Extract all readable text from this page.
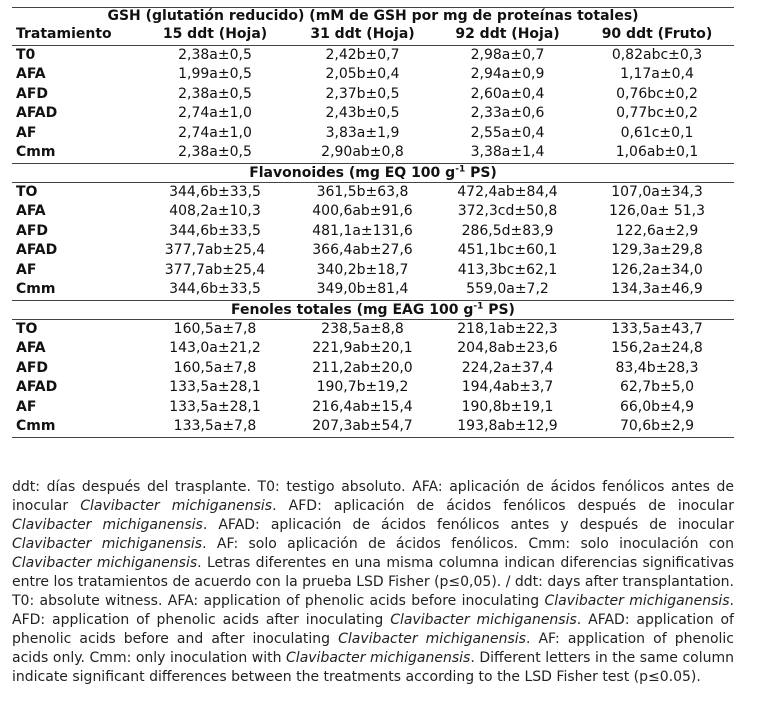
GSH (glutatión reducido) (mM de GSH por mg de proteínas totales)				
Tratamiento	15 ddt (Hoja)	31 ddt (Hoja)	92 ddt (Hoja)	90 ddt (Fruto)
T0	2,38a±0,5	2,42b±0,7	2,98a±0,7	0,82abc±0,3
AFA	1,99a±0,5	2,05b±0,4	2,94a±0,9	1,17a±0,4
AFD	2,38a±0,5	2,37b±0,5	2,60a±0,4	0,76bc±0,2
AFAD	2,74a±1,0	2,43b±0,5	2,33a±0,6	0,77bc±0,2
AF	2,74a±1,0	3,83a±1,9	2,55a±0,4	0,61c±0,1
Cmm	2,38a±0,5	2,90ab±0,8	3,38a±1,4	1,06ab±0,1
Flavonoides (mg EQ 100 $g^{-1}$ PS)				
TO	344,6b±33,5	361,5b±63,8	472,4ab±84,4	107,0a±34,3
AFA	408,2a±10,3	400,6ab±91,6	372,3cd±50,8	126,0a± 51,3
AFD	344,6b±33,5	481,1a±131,6	286,5d±83,9	122,6a±2,9
AFAD	377,7ab±25,4	366,4ab±27,6	451,1bc±60,1	129,3a±29,8
AF	377,7ab±25,4	340,2b±18,7	413,3bc±62,1	126,2a±34,0
Cmm	344,6b±33,5	349,0b±81,4	559,0a±7,2	134,3a±46,9
Fenoles totales (mg EAG 100 $g^{-1}$ PS)				
TO	160,5a±7,8	238,5a±8,8	218,1ab±22,3	133,5a±43,7
AFA	143,0a±21,2	221,9ab±20,1	204,8ab±23,6	156,2a±24,8
AFD	160,5a±7,8	211,2ab±20,0	224,2a±37,4	83,4b±28,3
AFAD	133,5a±28,1	190,7b±19,2	194,4ab±3,7	62,7b±5,0
AF	133,5a±28,1	216,4ab±15,4	190,8b±19,1	66,0b±4,9
Cmm	133,5a±7,8	207,3ab±54,7	193,8ab±12,9	70,6b±2,9

ddt: días después del trasplante. T0: testigo absoluto. AFA: aplicación de ácidos fenólicos antes de inocular Clavibacter michiganensis. AFD: aplicación de ácidos fenólicos después de inocular Clavibacter michiganensis. AFAD: aplicación de ácidos fenólicos antes y después de inocular Clavibacter michiganensis. AF: solo aplicación de ácidos fenólicos. Cmm: solo inoculación con Clavibacter michiganensis. Letras diferentes en una misma columna indican diferencias significativas entre los tratamientos de acuerdo con la prueba LSD Fisher (p≤0,05). / ddt: days after transplantation. T0: absolute witness. AFA: application of phenolic acids before inoculating Clavibacter michiganensis. AFD: application of phenolic acids after inoculating Clavibacter michiganensis. AFAD: application of phenolic acids before and after inoculating Clavibacter michiganensis. AF: application of phenolic acids only. Cmm: only inoculation with Clavibacter michiganensis. Different letters in the same column indicate significant differences between the treatments according to the LSD Fisher test (p≤0.05).
